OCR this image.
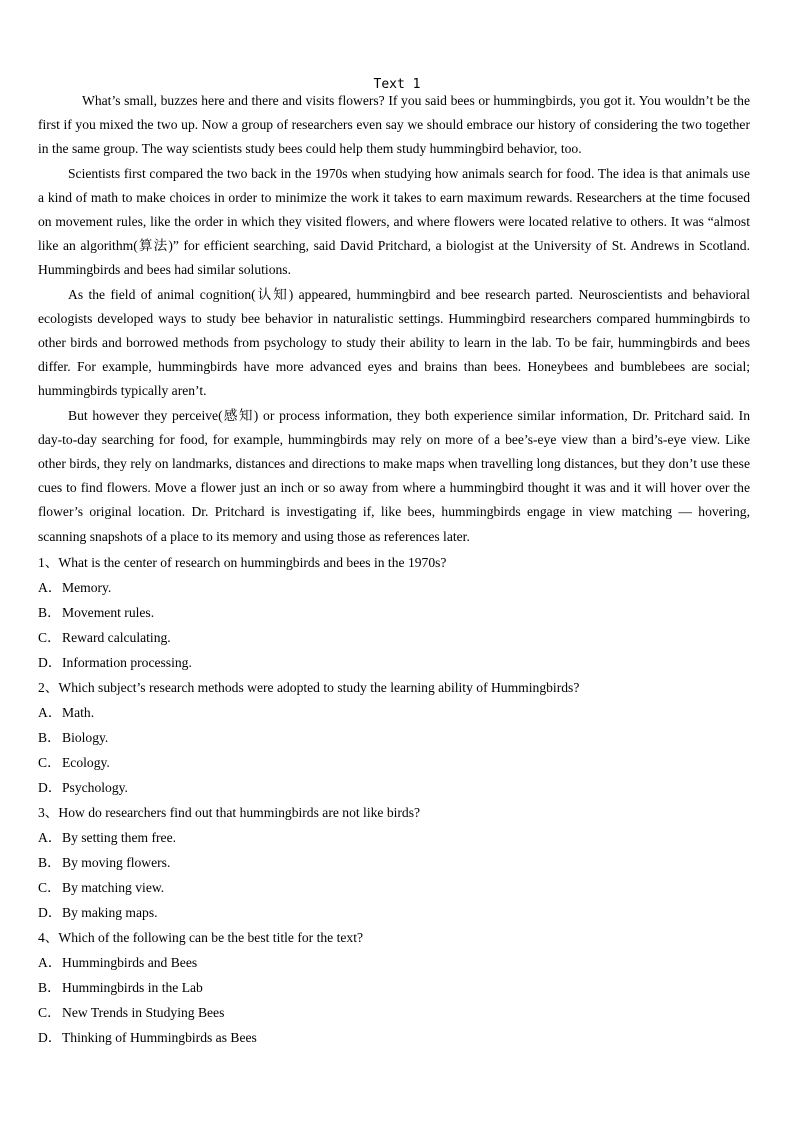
Text 1

What’s small, buzzes here and there and visits flowers? If you said bees or hummingbirds, you got it. You wouldn’t be the first if you mixed the two up. Now a group of researchers even say we should embrace our history of considering the two together in the same group. The way scientists study bees could help them study hummingbird behavior, too.

Scientists first compared the two back in the 1970s when studying how animals search for food. The idea is that animals use a kind of math to make choices in order to minimize the work it takes to earn maximum rewards. Researchers at the time focused on movement rules, like the order in which they visited flowers, and where flowers were located relative to others. It was “almost like an algorithm(算法)” for efficient searching, said David Pritchard, a biologist at the University of St. Andrews in Scotland. Hummingbirds and bees had similar solutions.

As the field of animal cognition(认知) appeared, hummingbird and bee research parted. Neuroscientists and behavioral ecologists developed ways to study bee behavior in naturalistic settings. Hummingbird researchers compared hummingbirds to other birds and borrowed methods from psychology to study their ability to learn in the lab. To be fair, hummingbirds and bees differ. For example, hummingbirds have more advanced eyes and brains than bees. Honeybees and bumblebees are social; hummingbirds typically aren’t.

But however they perceive(感知) or process information, they both experience similar information, Dr. Pritchard said. In day-to-day searching for food, for example, hummingbirds may rely on more of a bee’s-eye view than a bird’s-eye view. Like other birds, they rely on landmarks, distances and directions to make maps when travelling long distances, but they don’t use these cues to find flowers. Move a flower just an inch or so away from where a hummingbird thought it was and it will hover over the flower’s original location. Dr. Pritchard is investigating if, like bees, hummingbirds engage in view matching — hovering, scanning snapshots of a place to its memory and using those as references later.

1、What is the center of research on hummingbirds and bees in the 1970s?
A．Memory.
B．Movement rules.
C．Reward calculating.
D．Information processing.
2、Which subject’s research methods were adopted to study the learning ability of Hummingbirds?
A．Math.
B．Biology.
C．Ecology.
D．Psychology.
3、How do researchers find out that hummingbirds are not like birds?
A．By setting them free.
B．By moving flowers.
C．By matching view.
D．By making maps.
4、Which of the following can be the best title for the text?
A．Hummingbirds and Bees
B．Hummingbirds in the Lab
C．New Trends in Studying Bees
D．Thinking of Hummingbirds as Bees
